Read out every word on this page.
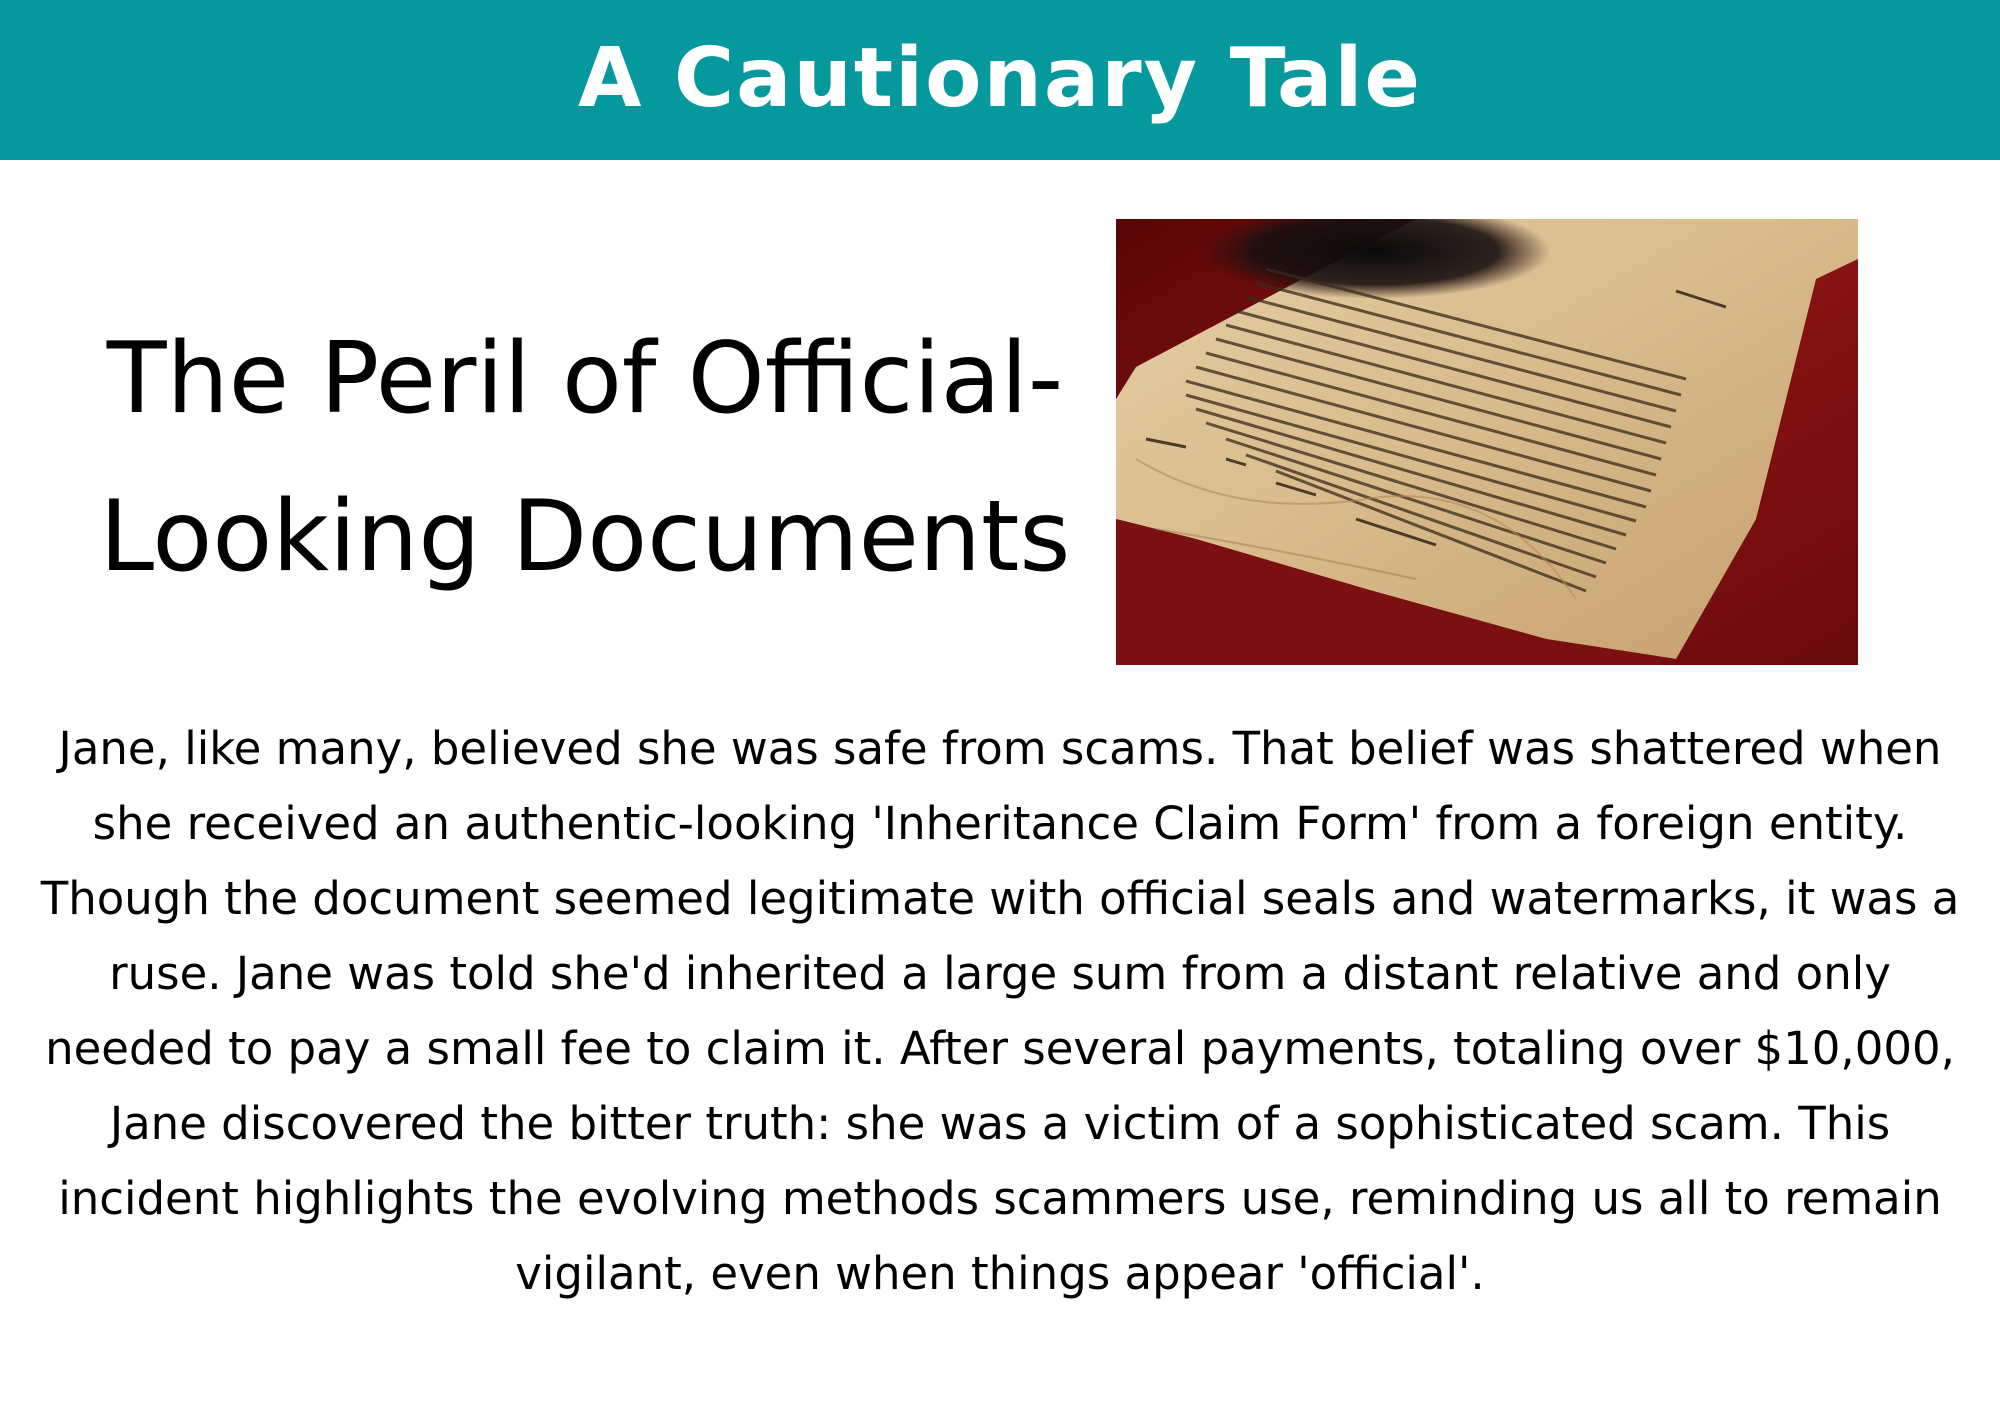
A Cautionary Tale
The Peril of Official-
Looking Documents
Jane, like many, believed she was safe from scams. That belief was shattered when she received an authentic-looking 'Inheritance Claim Form' from a foreign entity. Though the document seemed legitimate with official seals and watermarks, it was a ruse. Jane was told she'd inherited a large sum from a distant relative and only needed to pay a small fee to claim it. After several payments, totaling over $10,000, Jane discovered the bitter truth: she was a victim of a sophisticated scam. This incident highlights the evolving methods scammers use, reminding us all to remain vigilant, even when things appear 'official'.
